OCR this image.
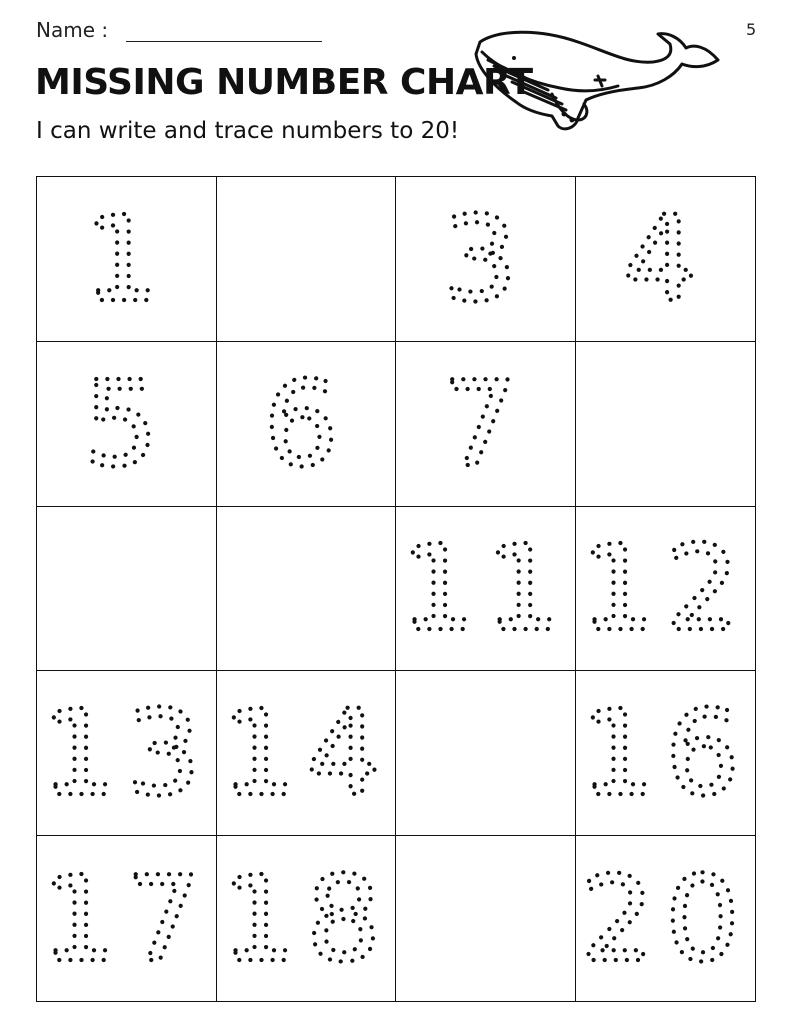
Name :	5
MISSING NUMBER CHART
I can write and trace numbers to 20!
1 3 4
5 6 7
11 12
13 14 16
17 18 20
